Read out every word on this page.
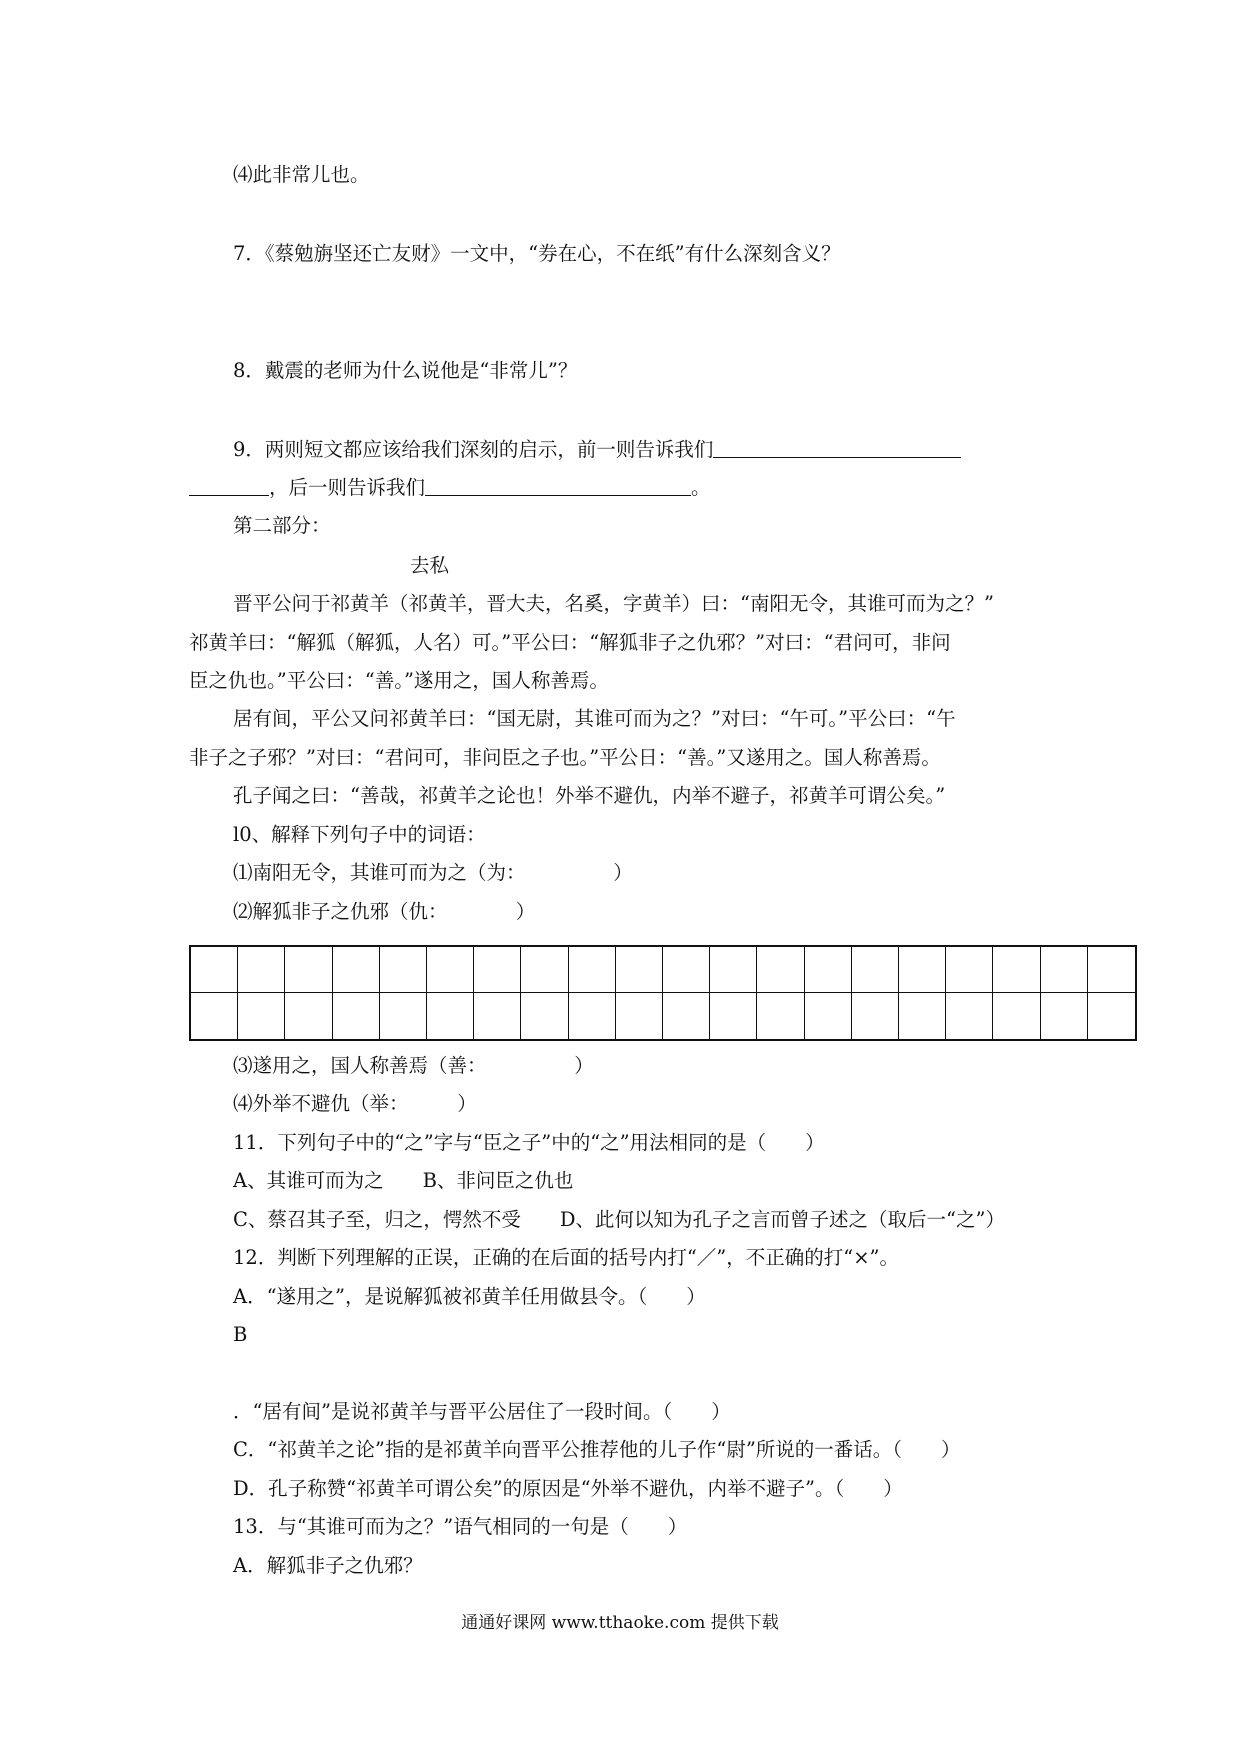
⑷此非常儿也。
7．《蔡勉旃坚还亡友财》一文中，“券在心，不在纸”有什么深刻含义？
8．戴震的老师为什么说他是“非常儿”？
9．两则短文都应该给我们深刻的启示，前一则告诉我们
，后一则告诉我们	。
第二部分：
去私
晋平公问于祁黄羊（祁黄羊，晋大夫，名奚，字黄羊）曰：“南阳无令，其谁可而为之？”
祁黄羊曰：“解狐（解狐，人名）可。”平公曰：“解狐非子之仇邪？”对曰：“君问可，非问
臣之仇也。”平公曰：“善。”遂用之，国人称善焉。
居有间，平公又问祁黄羊曰：“国无尉，其谁可而为之？”对曰：“午可。”平公曰：“午
非子之子邪？”对曰：“君问可，非问臣之子也。”平公日：“善。”又遂用之。国人称善焉。
孔子闻之曰：“善哉，祁黄羊之论也！外举不避仇，内举不避子，祁黄羊可谓公矣。”
l0、解释下列句子中的词语：
⑴南阳无令，其谁可而为之（为：　　　　　）
⑵解狐非子之仇邪（仇：　　　　）
⑶遂用之，国人称善焉（善：　　　　　）
⑷外举不避仇（举：　　　）
11．下列句子中的“之”字与“臣之子”中的“之”用法相同的是（　　）
A、其谁可而为之　　B、非问臣之仇也
C、蔡召其子至，归之，愕然不受　　D、此何以知为孔子之言而曾子述之（取后一“之”）
12．判断下列理解的正误，正确的在后面的括号内打“／”，不正确的打“×”。
A．“遂用之”，是说解狐被祁黄羊任用做县令。（　　）
B
．“居有间”是说祁黄羊与晋平公居住了一段时间。（　　）
C．“祁黄羊之论”指的是祁黄羊向晋平公推荐他的儿子作“尉”所说的一番话。（　　）
D．孔子称赞“祁黄羊可谓公矣”的原因是“外举不避仇，内举不避子”。（　　）
13．与“其谁可而为之？”语气相同的一句是（　　）
A．解狐非子之仇邪？
通通好课网 www.tthaoke.com 提供下载
